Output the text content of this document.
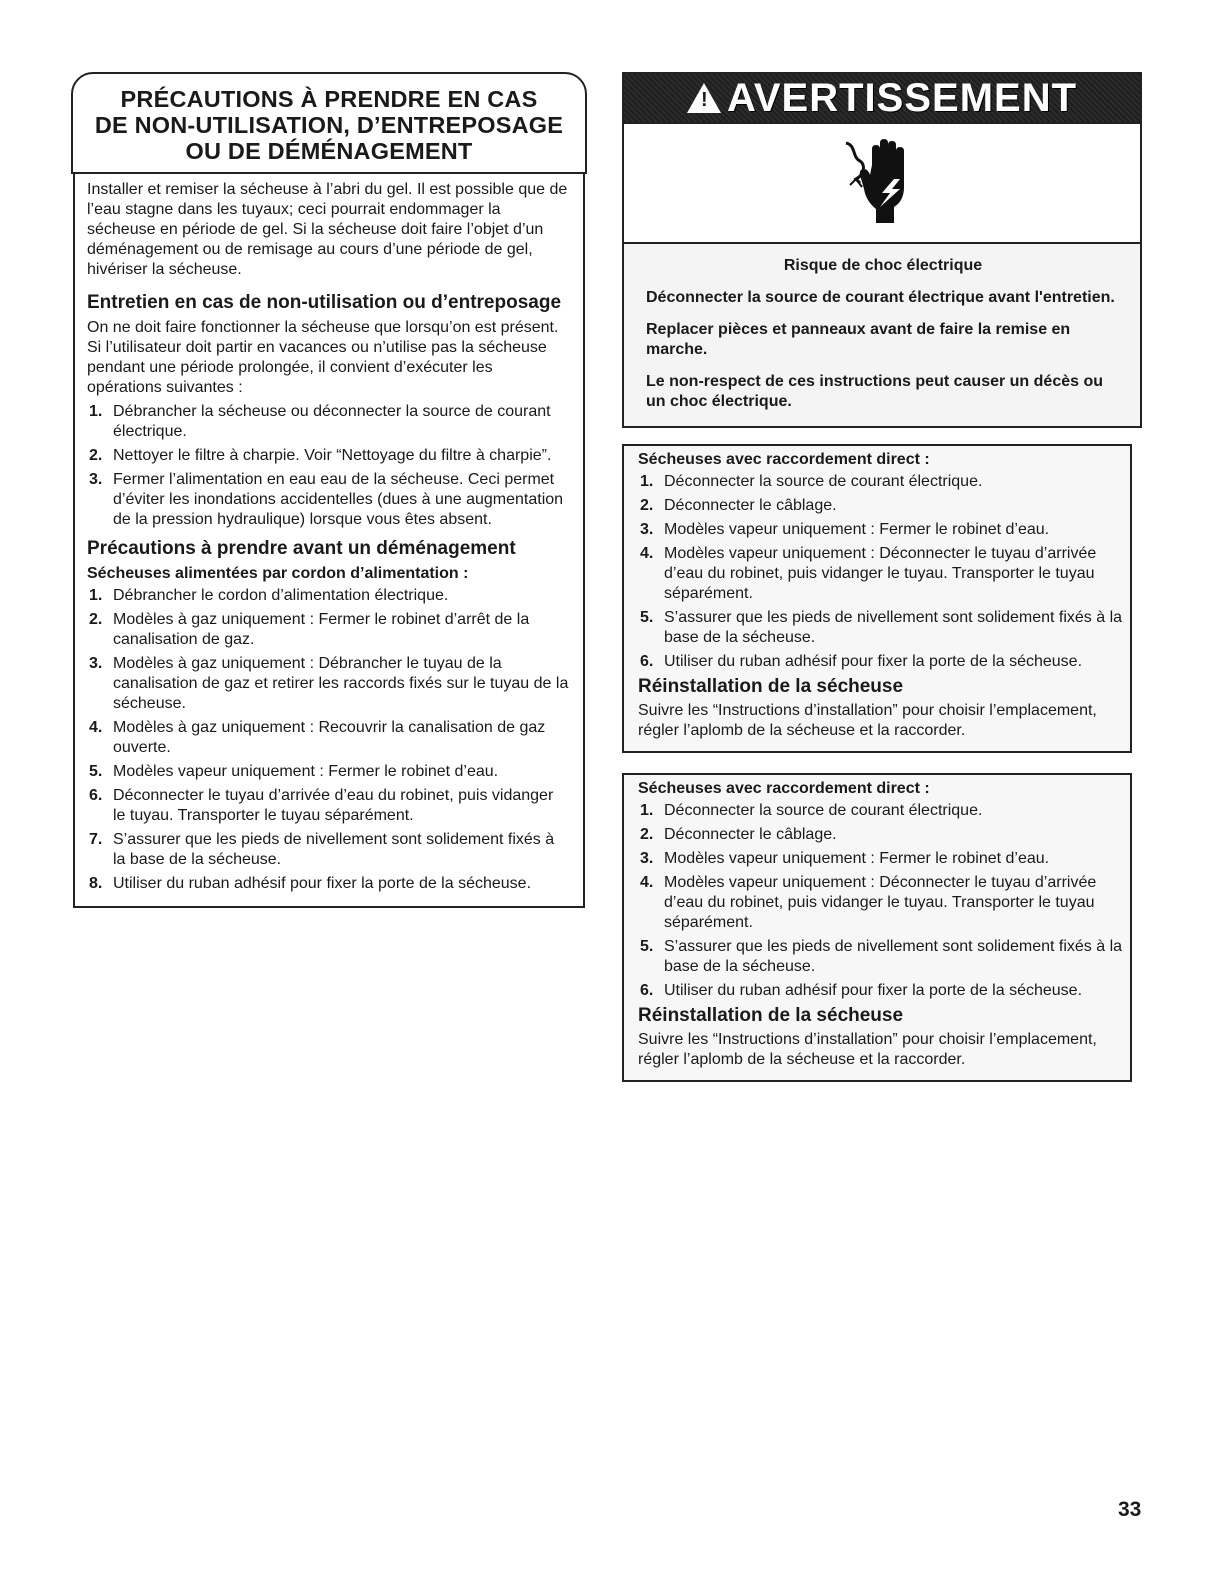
PRÉCAUTIONS À PRENDRE EN CAS
DE NON-UTILISATION, D’ENTREPOSAGE
OU DE DÉMÉNAGEMENT

Installer et remiser la sécheuse à l’abri du gel. Il est possible que de l’eau stagne dans les tuyaux; ceci pourrait endommager la sécheuse en période de gel. Si la sécheuse doit faire l’objet d’un déménagement ou de remisage au cours d’une période de gel, hivériser la sécheuse.

Entretien en cas de non-utilisation ou d’entreposage

On ne doit faire fonctionner la sécheuse que lorsqu’on est présent. Si l’utilisateur doit partir en vacances ou n’utilise pas la sécheuse pendant une période prolongée, il convient d’exécuter les opérations suivantes :

1. Débrancher la sécheuse ou déconnecter la source de courant électrique.
2. Nettoyer le filtre à charpie. Voir “Nettoyage du filtre à charpie”.
3. Fermer l’alimentation en eau eau de la sécheuse. Ceci permet d’éviter les inondations accidentelles (dues à une augmentation de la pression hydraulique) lorsque vous êtes absent.
Précautions à prendre avant un déménagement
Sécheuses alimentées par cordon d’alimentation :
1. Débrancher le cordon d’alimentation électrique.
2. Modèles à gaz uniquement : Fermer le robinet d’arrêt de la canalisation de gaz.
3. Modèles à gaz uniquement : Débrancher le tuyau de la canalisation de gaz et retirer les raccords fixés sur le tuyau de la sécheuse.
4. Modèles à gaz uniquement : Recouvrir la canalisation de gaz ouverte.
5. Modèles vapeur uniquement : Fermer le robinet d’eau.
6. Déconnecter le tuyau d’arrivée d’eau du robinet, puis vidanger le tuyau. Transporter le tuyau séparément.
7. S’assurer que les pieds de nivellement sont solidement fixés à la base de la sécheuse.
8. Utiliser du ruban adhésif pour fixer la porte de la sécheuse.
! AVERTISSEMENT

Risque de choc électrique

Déconnecter la source de courant électrique avant l'entretien.

Replacer pièces et panneaux avant de faire la remise en marche.

Le non-respect de ces instructions peut causer un décès ou un choc électrique.

Sécheuses avec raccordement direct :
1. Déconnecter la source de courant électrique.
2. Déconnecter le câblage.
3. Modèles vapeur uniquement : Fermer le robinet d’eau.
4. Modèles vapeur uniquement : Déconnecter le tuyau d’arrivée d’eau du robinet, puis vidanger le tuyau. Transporter le tuyau séparément.
5. S’assurer que les pieds de nivellement sont solidement fixés à la base de la sécheuse.
6. Utiliser du ruban adhésif pour fixer la porte de la sécheuse.
Réinstallation de la sécheuse

Suivre les “Instructions d’installation” pour choisir l’emplacement, régler l’aplomb de la sécheuse et la raccorder.

Sécheuses avec raccordement direct :
1. Déconnecter la source de courant électrique.
2. Déconnecter le câblage.
3. Modèles vapeur uniquement : Fermer le robinet d’eau.
4. Modèles vapeur uniquement : Déconnecter le tuyau d’arrivée d’eau du robinet, puis vidanger le tuyau. Transporter le tuyau séparément.
5. S’assurer que les pieds de nivellement sont solidement fixés à la base de la sécheuse.
6. Utiliser du ruban adhésif pour fixer la porte de la sécheuse.
Réinstallation de la sécheuse

Suivre les “Instructions d’installation” pour choisir l’emplacement, régler l’aplomb de la sécheuse et la raccorder.

33
